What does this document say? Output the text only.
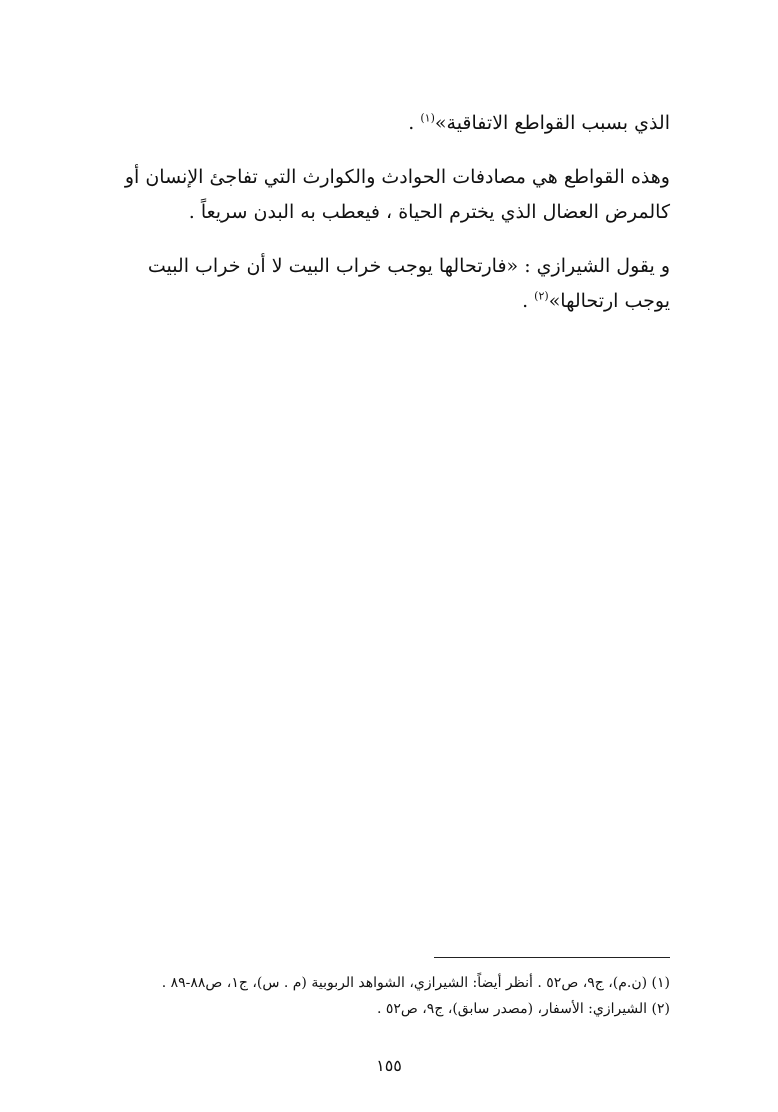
الذي بسبب القواطع الاتفاقية»$^{(١)}$ .
وهذه القواطع هي مصادفات الحوادث والكوارث التي تفاجئ الإنسان أو
كالمرض العضال الذي يخترم الحياة ، فيعطب به البدن سريعاً .
و يقول الشيرازي : «فارتحالها يوجب خراب البيت لا أن خراب البيت
يوجب ارتحالها»$^{(٢)}$ .
(١) (ن.م)، ج٩، ص٥٢ . أنظر أيضاً: الشيرازي، الشواهد الربوبية (م . س)، ج١، ص٨٨-٨٩ .
(٢) الشيرازي: الأسفار، (مصدر سابق)، ج٩، ص٥٢ .
١٥٥
